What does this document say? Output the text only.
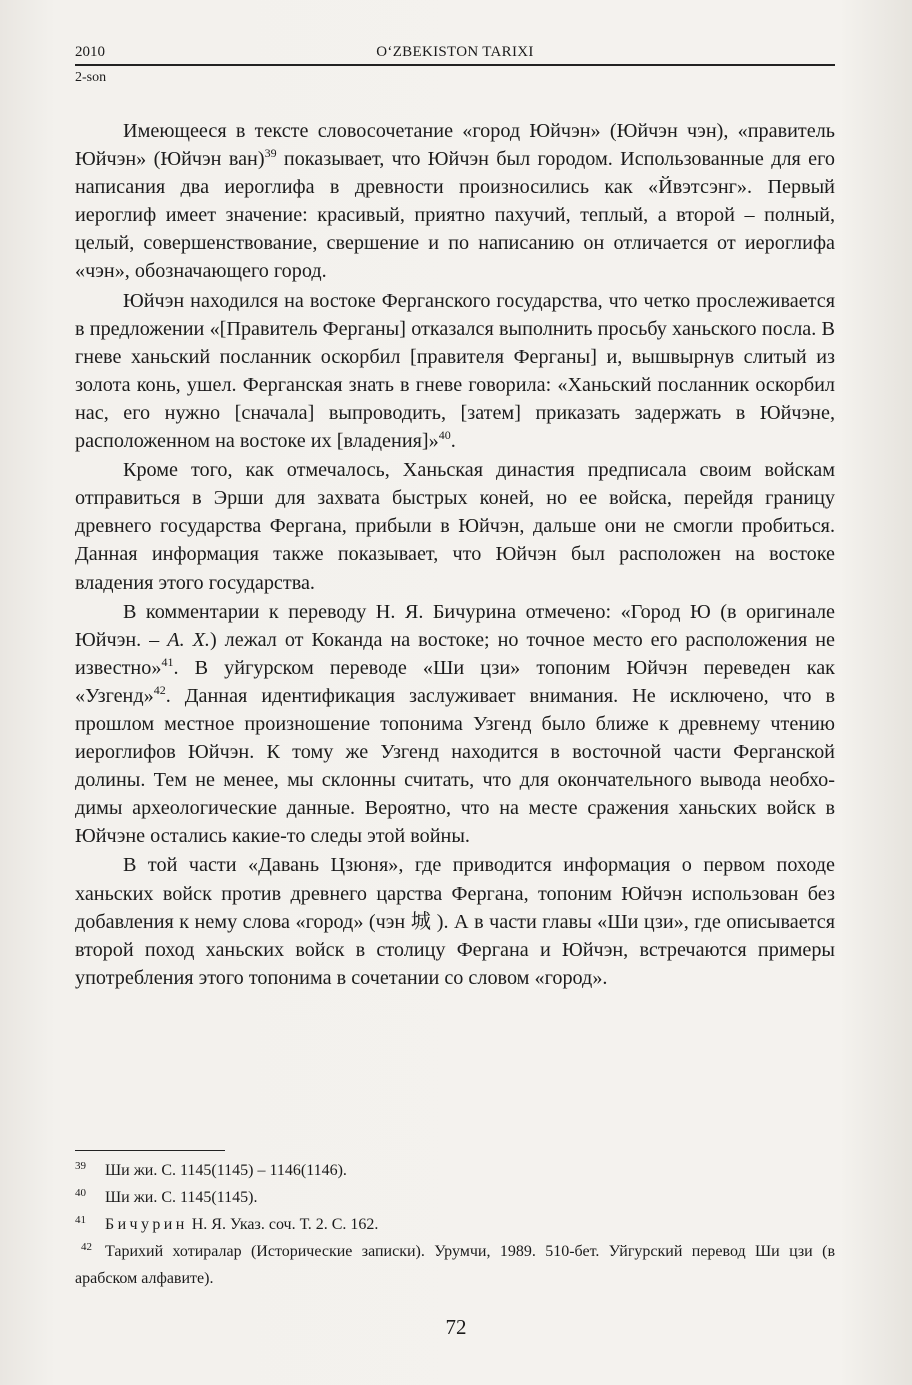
2010	O‘ZBEKISTON TARIXI
2-son

Имеющееся в тексте словосочетание «город Юйчэн» (Юйчэн чэн), «правитель Юйчэн» (Юйчэн ван)$^{39}$ показывает, что Юйчэн был городом. Использованные для его написания два иероглифа в древности произносились как «Йвэтсэнг». Первый иероглиф имеет значение: красивый, приятно пахучий, теплый, а второй – полный, целый, совершенствование, свершение и по написанию он отличается от иероглифа «чэн», обозначающего город.

Юйчэн находился на востоке Ферганского государства, что четко прослеживается в предложении «[Правитель Ферганы] отказался выполнить просьбу ханьского посла. В гневе ханьский посланник оскорбил [правителя Ферганы] и, вышвырнув слитый из золота конь, ушел. Ферганская знать в гневе говорила: «Ханьский посланник оскорбил нас, его нужно [сначала] выпроводить, [затем] приказать задержать в Юйчэне, расположенном на востоке их [владения]»$^{40}$.

Кроме того, как отмечалось, Ханьская династия предписала своим войскам отправиться в Эрши для захвата быстрых коней, но ее войска, перейдя границу древнего государства Фергана, прибыли в Юйчэн, дальше они не смогли пробиться. Данная информация также показывает, что Юйчэн был расположен на востоке владения этого государства.

В комментарии к переводу Н. Я. Бичурина отмечено: «Город Ю (в оригинале Юйчэн. – А. Х.) лежал от Коканда на востоке; но точное место его расположения не известно»$^{41}$. В уйгурском переводе «Ши цзи» топоним Юйчэн переведен как «Узгенд»$^{42}$. Данная идентификация заслуживает внимания. Не исключено, что в прошлом местное произношение топонима Узгенд было ближе к древнему чтению иероглифов Юйчэн. К тому же Узгенд находится в восточной части Ферганской долины. Тем не менее, мы склонны считать, что для окончательного вывода необходимы археологические данные. Вероятно, что на месте сражения ханьских войск в Юйчэне остались какие-то следы этой войны.

В той части «Давань Цзюня», где приводится информация о первом походе ханьских войск против древнего царства Фергана, топоним Юйчэн использован без добавления к нему слова «город» (чэн 城 ). А в части главы «Ши цзи», где описывается второй поход ханьских войск в столицу Фергана и Юйчэн, встречаются примеры употребления этого топонима в сочетании со словом «город».

$^{39}$	Ши жи. С. 1145(1145) – 1146(1146).
$^{40}$	Ши жи. С. 1145(1145).
$^{41}$	Бичурин Н. Я. Указ. соч. Т. 2. С. 162.
$^{42}$ Тарихий хотиралар (Исторические записки). Урумчи, 1989. 510-бет. Уйгурский перевод Ши цзи (в арабском алфавите).
72
